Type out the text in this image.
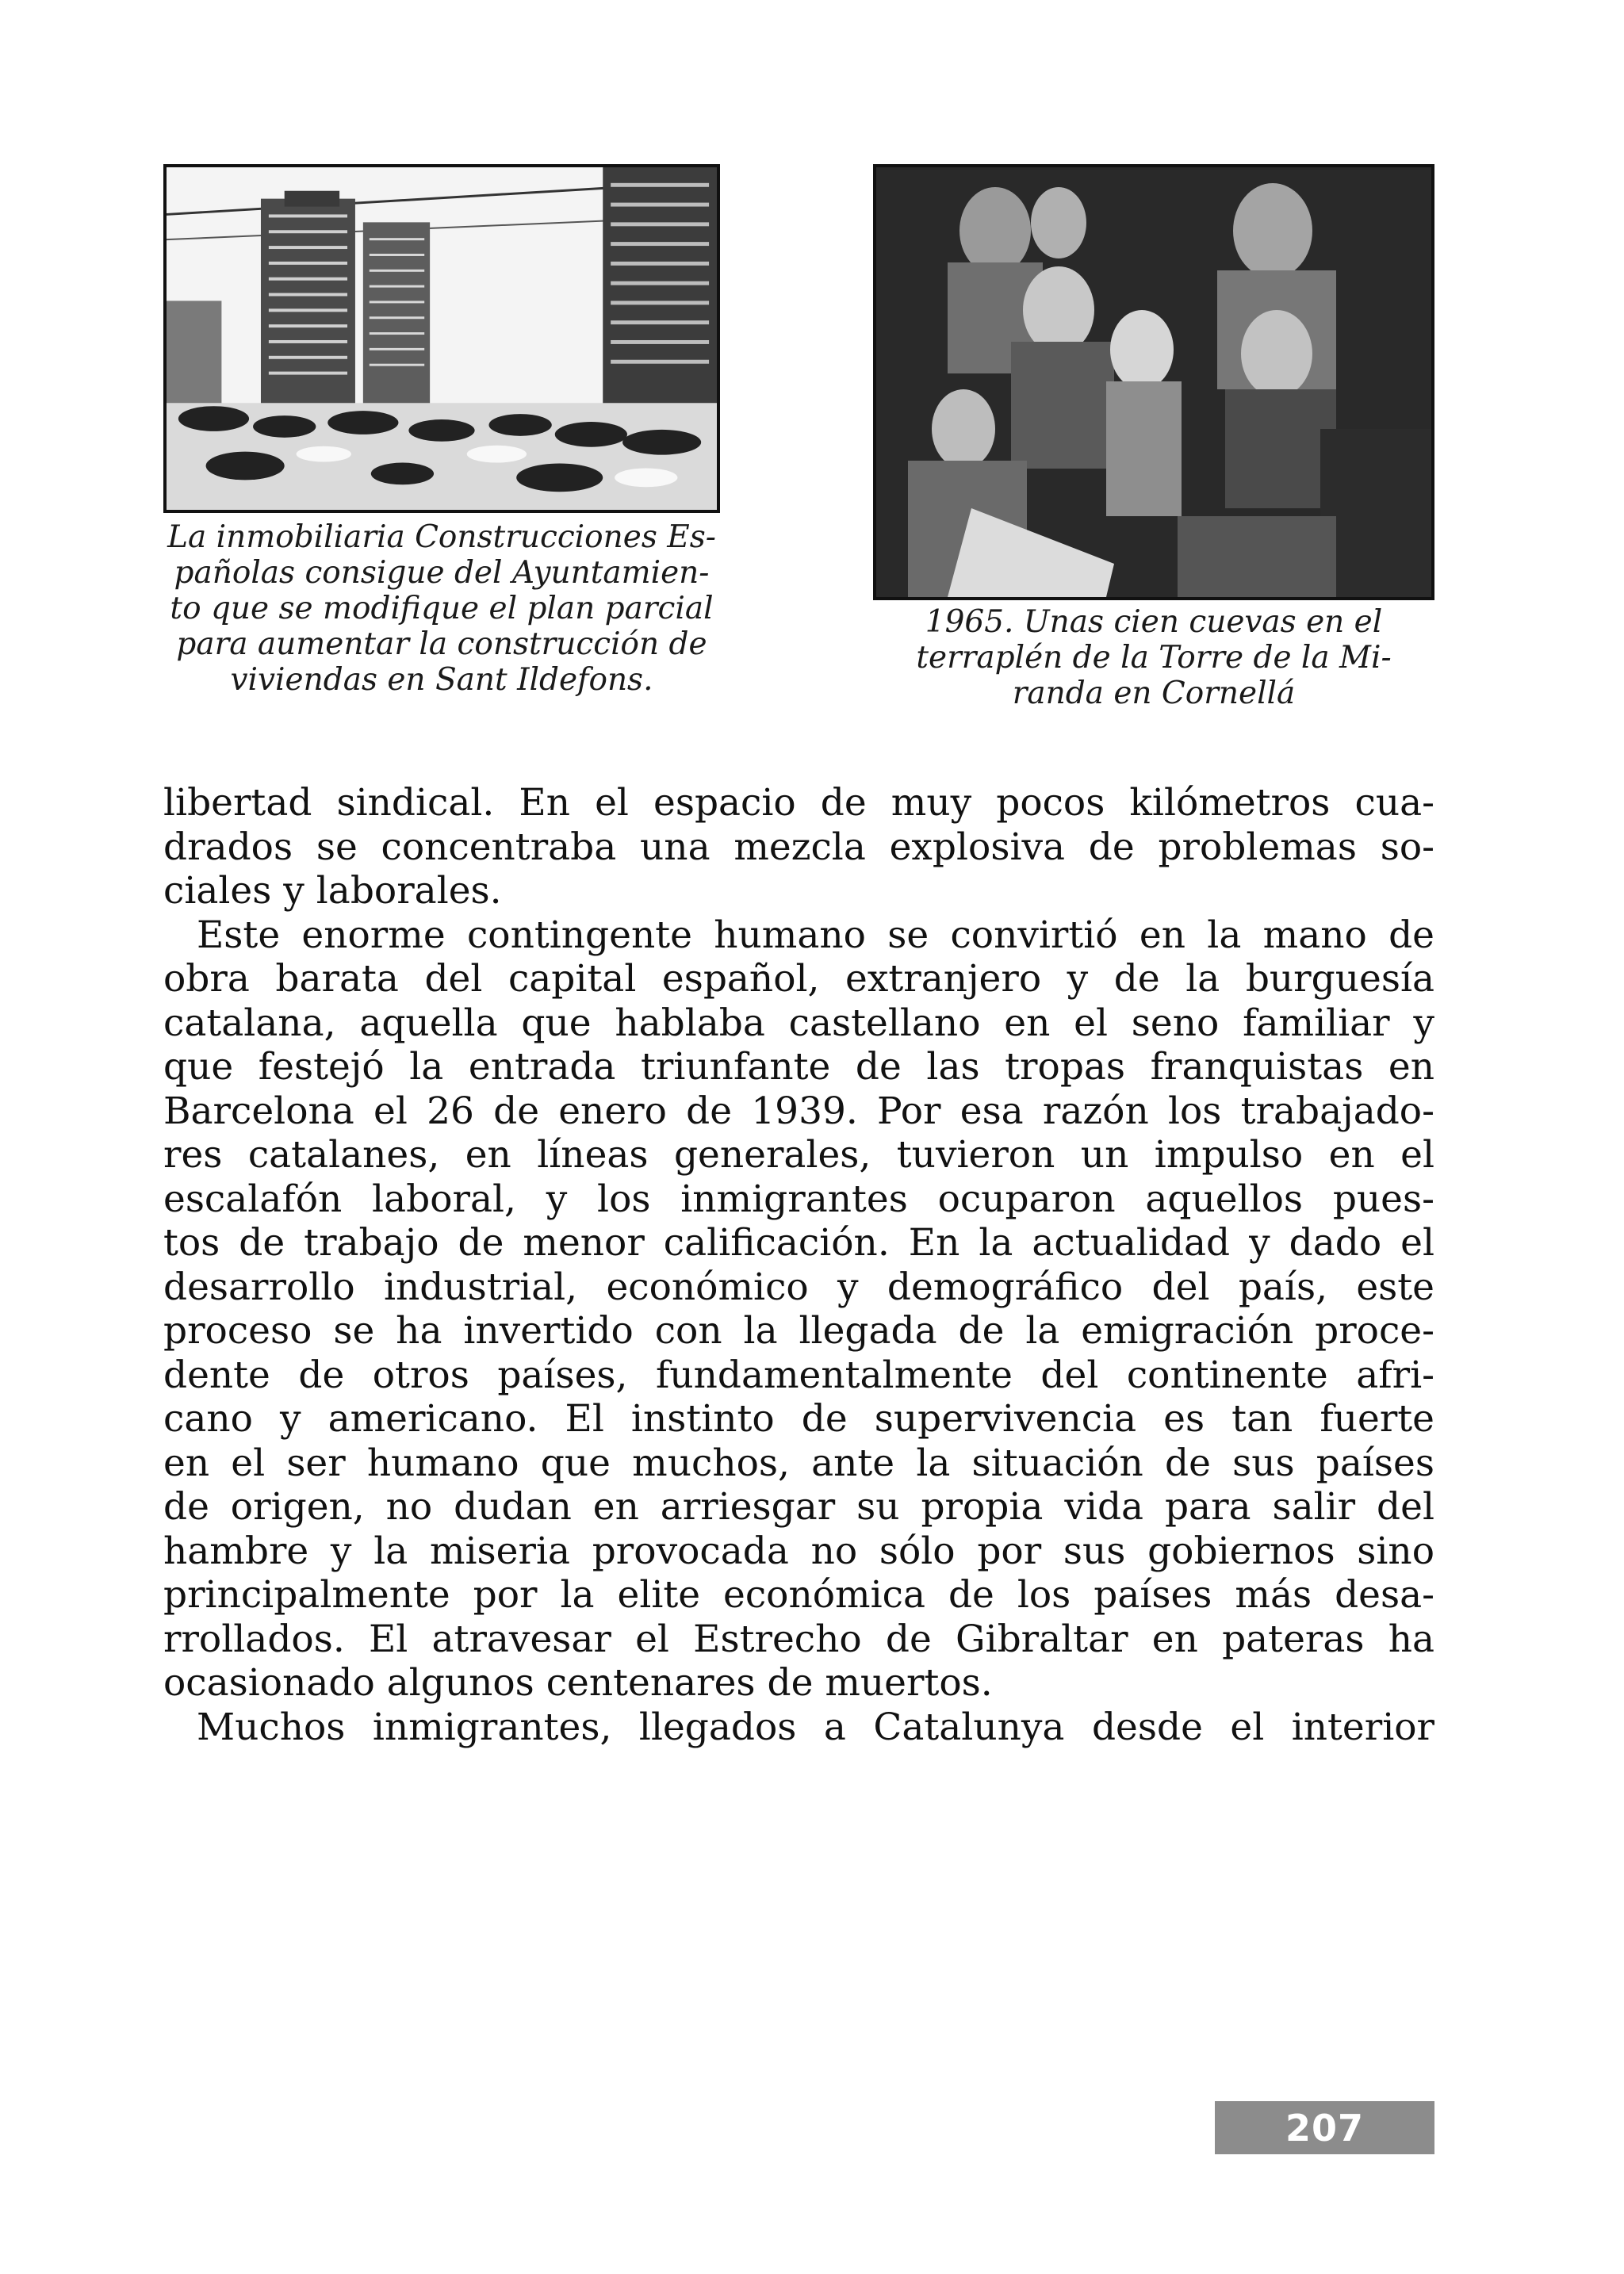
La inmobiliaria Construcciones Es-
pañolas consigue del Ayuntamien-
to que se modifique el plan parcial
para aumentar la construcción de
viviendas en Sant Ildefons.
1965. Unas cien cuevas en el
terraplén de la Torre de la Mi-
randa en Cornellá
libertad sindical. En el espacio de muy pocos kilómetros cua-
drados se concentraba una mezcla explosiva de problemas so-
ciales y laborales.
Este enorme contingente humano se convirtió en la mano de
obra barata del capital español, extranjero y de la burguesía
catalana, aquella que hablaba castellano en el seno familiar y
que festejó la entrada triunfante de las tropas franquistas en
Barcelona el 26 de enero de 1939. Por esa razón los trabajado-
res catalanes, en líneas generales, tuvieron un impulso en el
escalafón laboral, y los inmigrantes ocuparon aquellos pues-
tos de trabajo de menor calificación. En la actualidad y dado el
desarrollo industrial, económico y demográfico del país, este
proceso se ha invertido con la llegada de la emigración proce-
dente de otros países, fundamentalmente del continente afri-
cano y americano. El instinto de supervivencia es tan fuerte
en el ser humano que muchos, ante la situación de sus países
de origen, no dudan en arriesgar su propia vida para salir del
hambre y la miseria provocada no sólo por sus gobiernos sino
principalmente por la elite económica de los países más desa-
rrollados. El atravesar el Estrecho de Gibraltar en pateras ha
ocasionado algunos centenares de muertos.
Muchos inmigrantes, llegados a Catalunya desde el interior
207
